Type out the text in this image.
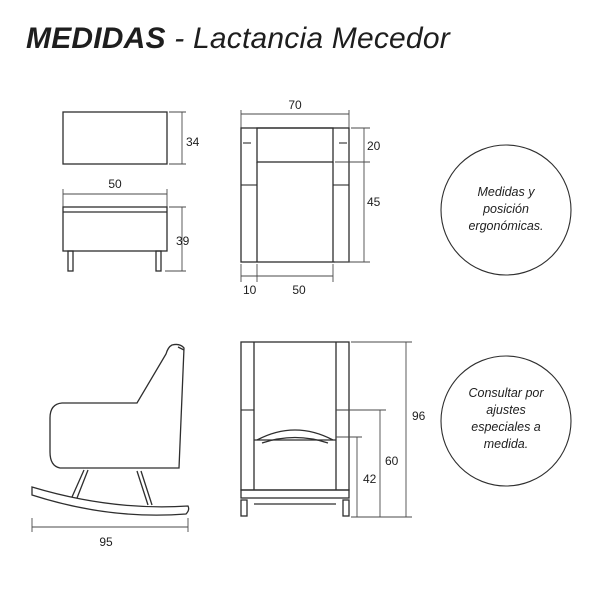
MEDIDAS - Lactancia Mecedor
34
50
39
70
20
45
10	50
Medidas y
posición
ergonómicas.
95
96
60
42
Consultar por
ajustes
especiales a
medida.
